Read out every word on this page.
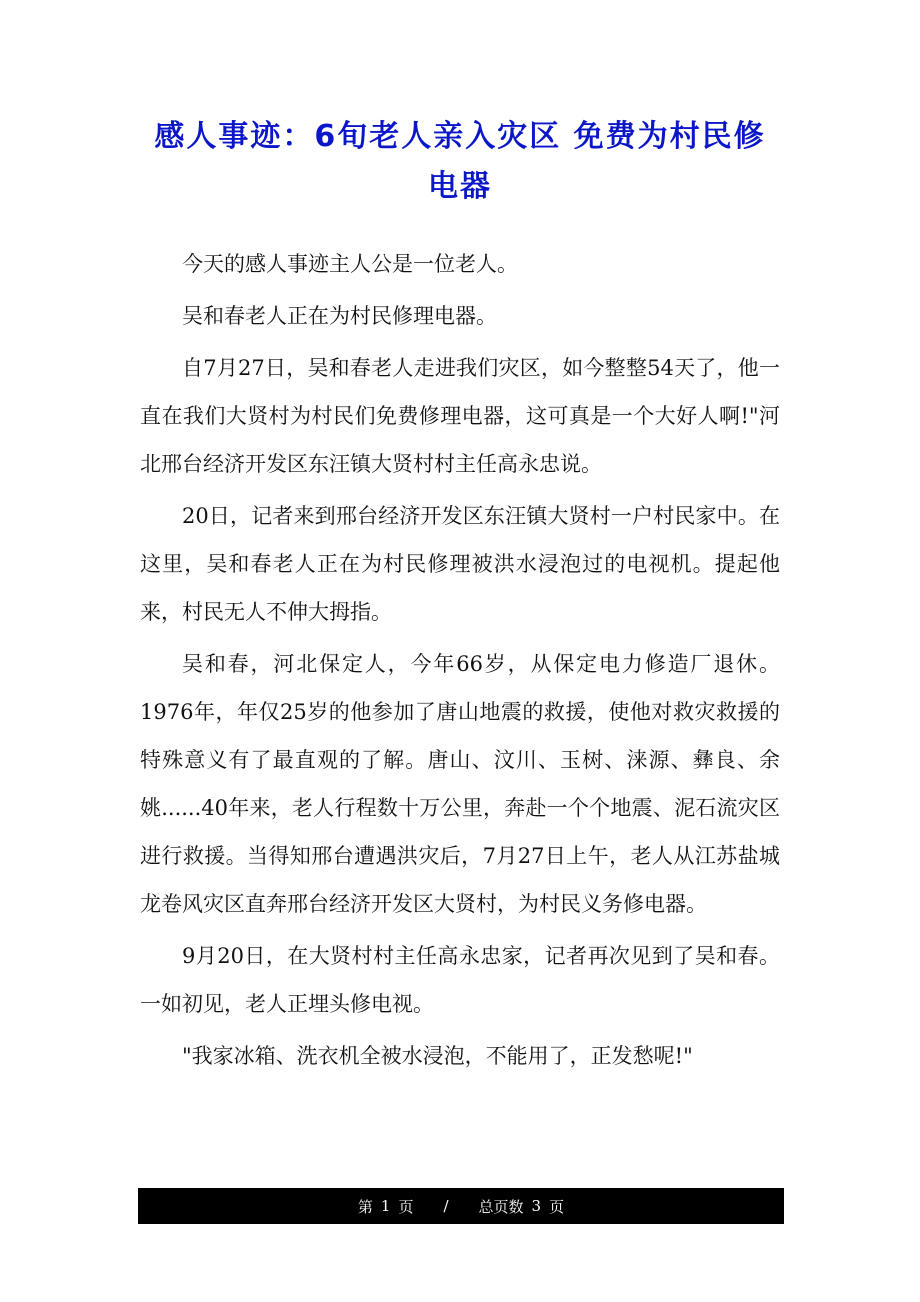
感人事迹：6旬老人亲入灾区 免费为村民修电器

今天的感人事迹主人公是一位老人。

吴和春老人正在为村民修理电器。

自7月27日，吴和春老人走进我们灾区，如今整整54天了，他一直在我们大贤村为村民们免费修理电器，这可真是一个大好人啊!"河北邢台经济开发区东汪镇大贤村村主任高永忠说。

20日，记者来到邢台经济开发区东汪镇大贤村一户村民家中。在这里，吴和春老人正在为村民修理被洪水浸泡过的电视机。提起他来，村民无人不伸大拇指。

吴和春，河北保定人，今年66岁，从保定电力修造厂退休。1976年，年仅25岁的他参加了唐山地震的救援，使他对救灾救援的特殊意义有了最直观的了解。唐山、汶川、玉树、涞源、彝良、余姚......40年来，老人行程数十万公里，奔赴一个个地震、泥石流灾区进行救援。当得知邢台遭遇洪灾后，7月27日上午，老人从江苏盐城龙卷风灾区直奔邢台经济开发区大贤村，为村民义务修电器。

9月20日，在大贤村村主任高永忠家，记者再次见到了吴和春。一如初见，老人正埋头修电视。

"我家冰箱、洗衣机全被水浸泡，不能用了，正发愁呢!"

第 1 页 / 总页数 3 页
